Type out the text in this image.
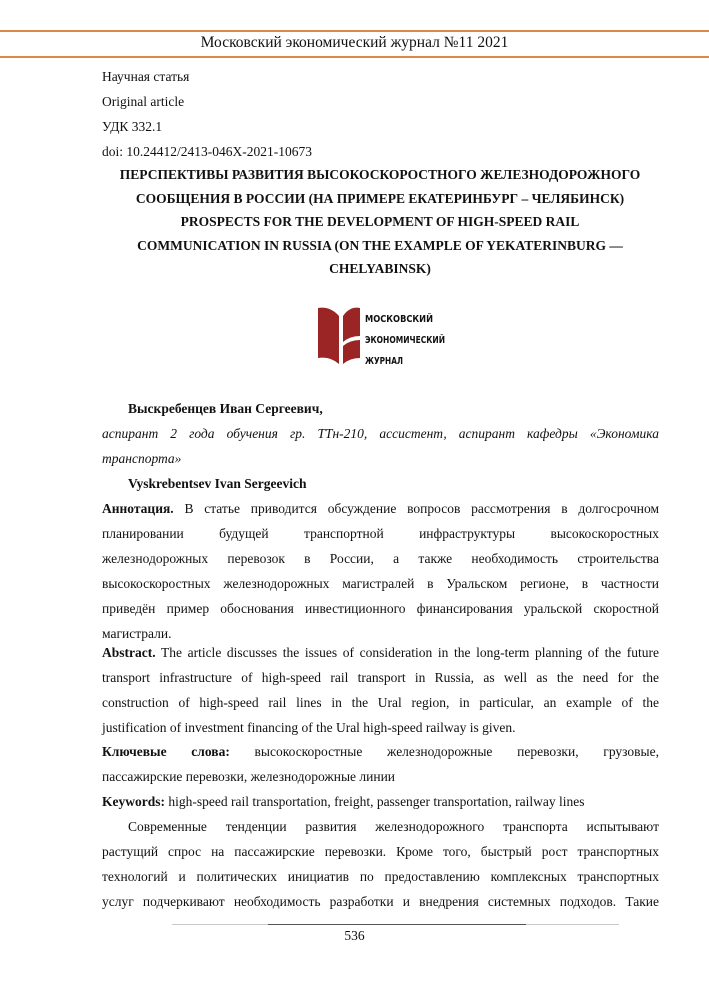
Московский экономический журнал №11 2021
Научная статья
Original article
УДК 332.1
doi: 10.24412/2413-046Х-2021-10673
ПЕРСПЕКТИВЫ РАЗВИТИЯ ВЫСОКОСКОРОСТНОГО ЖЕЛЕЗНОДОРОЖНОГО
СООБЩЕНИЯ В РОССИИ (НА ПРИМЕРЕ ЕКАТЕРИНБУРГ – ЧЕЛЯБИНСК)
PROSPECTS FOR THE DEVELOPMENT OF HIGH-SPEED RAIL
COMMUNICATION IN RUSSIA (ON THE EXAMPLE OF YEKATERINBURG —
CHELYABINSK)
МОСКОВСКИЙ
ЭКОНОМИЧЕСКИЙ
ЖУРНАЛ
Выскребенцев Иван Сергеевич,
аспирант 2 года обучения гр. ТТн-210, ассистент, аспирант кафедры «Экономика
транспорта»
Vyskrebentsev Ivan Sergeevich
Аннотация. В статье приводится обсуждение вопросов рассмотрения в долгосрочном
планировании будущей транспортной инфраструктуры высокоскоростных
железнодорожных перевозок в России, а также необходимость строительства
высокоскоростных железнодорожных магистралей в Уральском регионе, в частности
приведён пример обоснования инвестиционного финансирования уральской скоростной
магистрали.
Abstract. The article discusses the issues of consideration in the long-term planning of the future
transport infrastructure of high-speed rail transport in Russia, as well as the need for the
construction of high-speed rail lines in the Ural region, in particular, an example of the
justification of investment financing of the Ural high-speed railway is given.
Ключевые слова: высокоскоростные железнодорожные перевозки, грузовые,
пассажирские перевозки, железнодорожные линии
Keywords: high-speed rail transportation, freight, passenger transportation, railway lines
Современные тенденции развития железнодорожного транспорта испытывают
растущий спрос на пассажирские перевозки. Кроме того, быстрый рост транспортных
технологий и политических инициатив по предоставлению комплексных транспортных
услуг подчеркивают необходимость разработки и внедрения системных подходов. Такие
536
